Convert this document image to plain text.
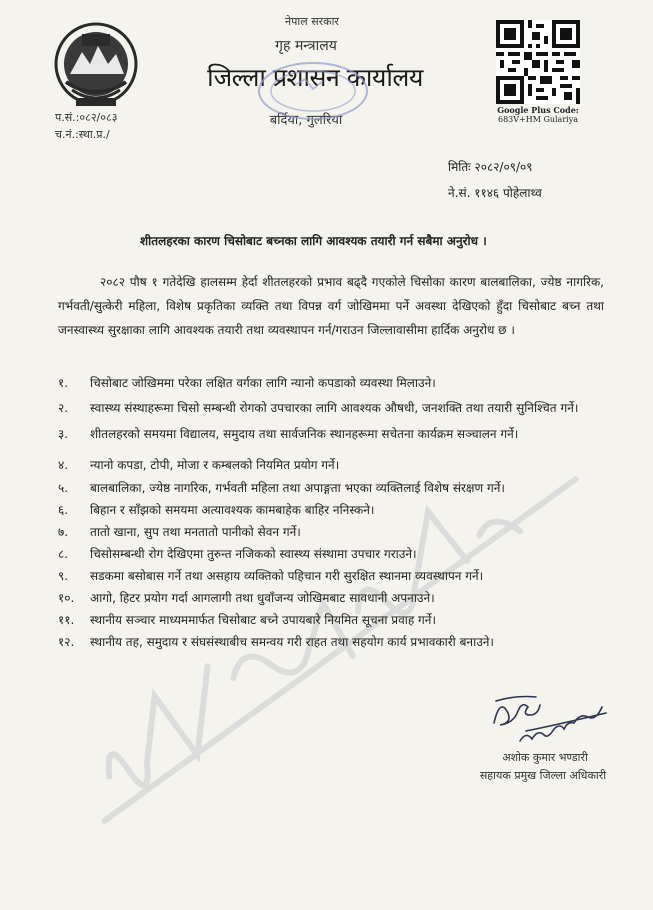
नेपाल सरकार
गृह मन्त्रालय
जिल्ला प्रशासन कार्यालय
बर्दिया, गुलरिया
Google Plus Code:
683V+HM Gulariya
प.सं.:०८२/०८३
च.नं.:स्था.प्र./
मितिः २०८२/०९/०९
ने.सं. ११४६ पोहेलाथ्व
शीतलहरका कारण चिसोबाट बच्नका लागि आवश्यक तयारी गर्न सबैमा अनुरोध ।
२०८२ पौष १ गतेदेखि हालसम्म हेर्दा शीतलहरको प्रभाव बढ्दै गएकोले चिसोका कारण बालबालिका, ज्येष्ठ नागरिक, गर्भवती/सुत्केरी महिला, विशेष प्रकृतिका व्यक्ति तथा विपन्न वर्ग जोखिममा पर्ने अवस्था देखिएको हुँदा चिसोबाट बच्न तथा जनस्वास्थ्य सुरक्षाका लागि आवश्यक तयारी तथा व्यवस्थापन गर्न/गराउन जिल्लावासीमा हार्दिक अनुरोध छ ।
१.	चिसोबाट जोखिममा परेका लक्षित वर्गका लागि न्यानो कपडाको व्यवस्था मिलाउने।
२.	स्वास्थ्य संस्थाहरूमा चिसो सम्बन्धी रोगको उपचारका लागि आवश्यक औषधी, जनशक्ति तथा तयारी सुनिश्चित गर्ने।
३.	शीतलहरको समयमा विद्यालय, समुदाय तथा सार्वजनिक स्थानहरूमा सचेतना कार्यक्रम सञ्चालन गर्ने।
४.	न्यानो कपडा, टोपी, मोजा र कम्बलको नियमित प्रयोग गर्ने।
५.	बालबालिका, ज्येष्ठ नागरिक, गर्भवती महिला तथा अपाङ्गता भएका व्यक्तिलाई विशेष संरक्षण गर्ने।
६.	बिहान र साँझको समयमा अत्यावश्यक कामबाहेक बाहिर ननिस्कने।
७.	तातो खाना, सुप तथा मनतातो पानीको सेवन गर्ने।
८.	चिसोसम्बन्धी रोग देखिएमा तुरुन्त नजिकको स्वास्थ्य संस्थामा उपचार गराउने।
९.	सडकमा बसोबास गर्ने तथा असहाय व्यक्तिको पहिचान गरी सुरक्षित स्थानमा व्यवस्थापन गर्ने।
१०.	आगो, हिटर प्रयोग गर्दा आगलागी तथा धुवाँजन्य जोखिमबाट सावधानी अपनाउने।
११.	स्थानीय सञ्चार माध्यममार्फत चिसोबाट बच्ने उपायबारे नियमित सूचना प्रवाह गर्ने।
१२.	स्थानीय तह, समुदाय र संघसंस्थाबीच समन्वय गरी राहत तथा सहयोग कार्य प्रभावकारी बनाउने।
अशोक कुमार भण्डारी
सहायक प्रमुख जिल्ला अधिकारी
